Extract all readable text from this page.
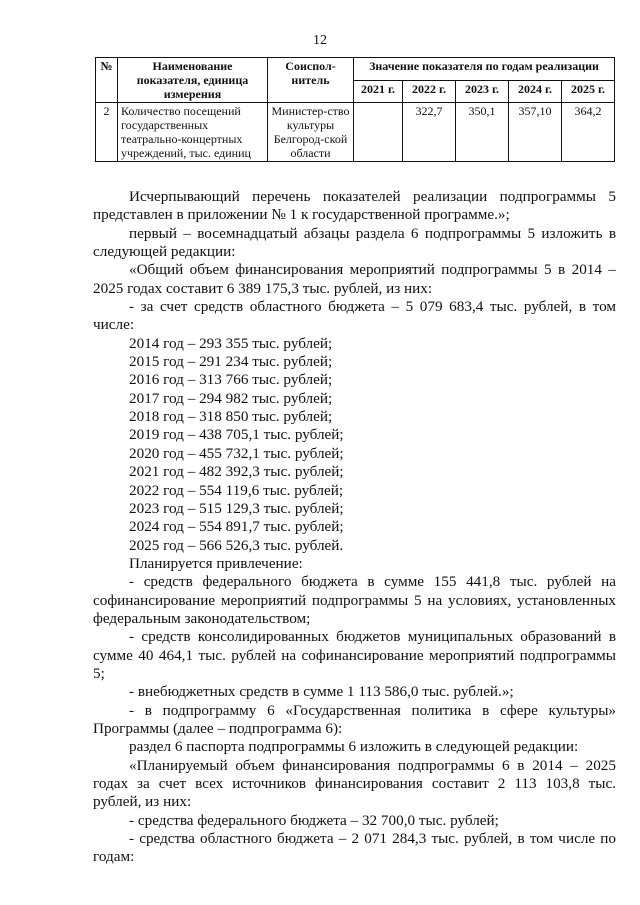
12
№	Наименование показателя, единица измерения	Соиспол-нитель	Значение показателя по годам реализации				
			2021 г.	2022 г.	2023 г.	2024 г.	2025 г.
2	Количество посещений государственных театрально-концертных учреждений, тыс. единиц	Министер-ство культуры Белгород-ской области		322,7	350,1	357,10	364,2

Исчерпывающий перечень показателей реализации подпрограммы 5 представлен в приложении № 1 к государственной программе.»;

первый – восемнадцатый абзацы раздела 6 подпрограммы 5 изложить в следующей редакции:

«Общий объем финансирования мероприятий подпрограммы 5 в 2014 – 2025 годах составит 6 389 175,3 тыс. рублей, из них:

- за счет средств областного бюджета – 5 079 683,4 тыс. рублей, в том числе:

2014 год – 293 355 тыс. рублей;

2015 год – 291 234 тыс. рублей;

2016 год – 313 766 тыс. рублей;

2017 год – 294 982 тыс. рублей;

2018 год – 318 850 тыс. рублей;

2019 год – 438 705,1 тыс. рублей;

2020 год – 455 732,1 тыс. рублей;

2021 год – 482 392,3 тыс. рублей;

2022 год – 554 119,6 тыс. рублей;

2023 год – 515 129,3 тыс. рублей;

2024 год – 554 891,7 тыс. рублей;

2025 год – 566 526,3 тыс. рублей.

Планируется привлечение:

- средств федерального бюджета в сумме 155 441,8 тыс. рублей на софинансирование мероприятий подпрограммы 5 на условиях, установленных федеральным законодательством;

- средств консолидированных бюджетов муниципальных образований в сумме 40 464,1 тыс. рублей на софинансирование мероприятий подпрограммы 5;

- внебюджетных средств в сумме 1 113 586,0 тыс. рублей.»;

- в подпрограмму 6 «Государственная политика в сфере культуры» Программы (далее – подпрограмма 6):

раздел 6 паспорта подпрограммы 6 изложить в следующей редакции:

«Планируемый объем финансирования подпрограммы 6 в 2014 – 2025 годах за счет всех источников финансирования составит 2 113 103,8 тыс. рублей, из них:

- средства федерального бюджета – 32 700,0 тыс. рублей;

- средства областного бюджета – 2 071 284,3 тыс. рублей, в том числе по годам:
